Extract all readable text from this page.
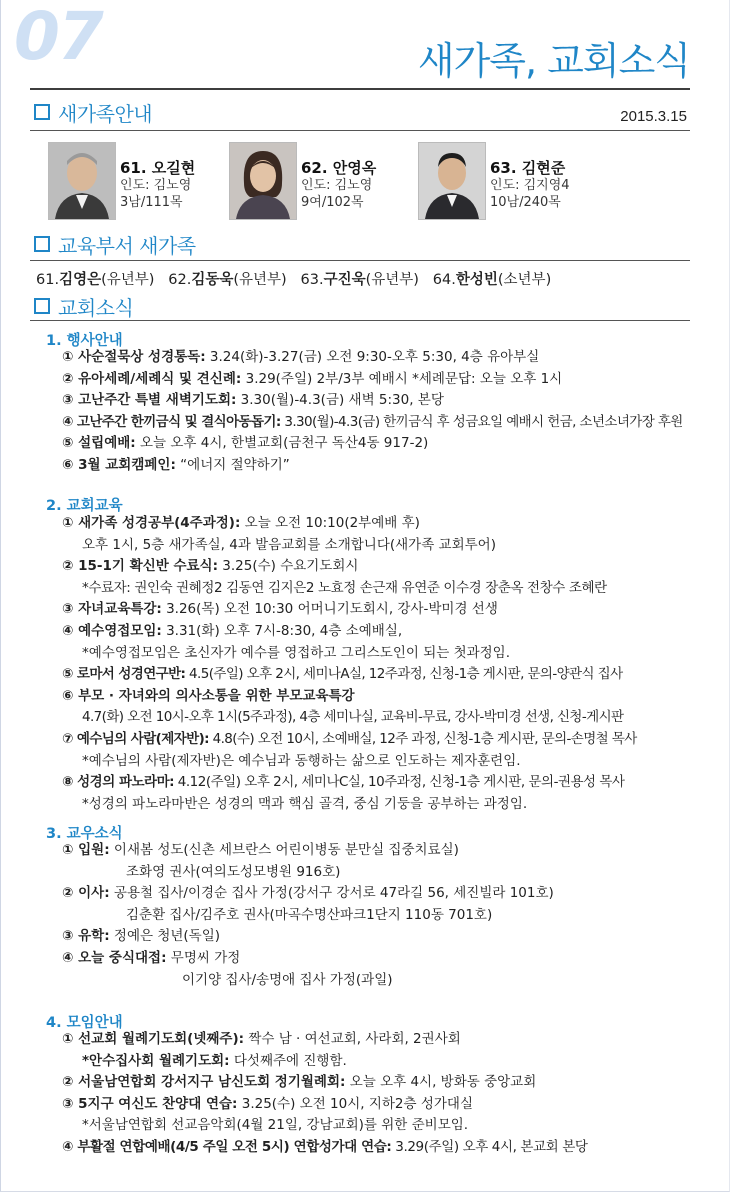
07	새가족, 교회소식
새가족안내	2015.3.15
61. 오길현
인도: 김노영
3남/111목
62. 안영옥
인도: 김노영
9여/102목
63. 김현준
인도: 김지영4
10남/240목
교육부서 새가족
61.김영은(유년부) 62.김동욱(유년부) 63.구진욱(유년부) 64.한성빈(소년부)
교회소식
1. 행사안내
① 사순절묵상 성경통독: 3.24(화)-3.27(금) 오전 9:30-오후 5:30, 4층 유아부실
② 유아세례/세례식 및 견신례: 3.29(주일) 2부/3부 예배시 *세례문답: 오늘 오후 1시
③ 고난주간 특별 새벽기도회: 3.30(월)-4.3(금) 새벽 5:30, 본당
④ 고난주간 한끼금식 및 결식아동돕기: 3.30(월)-4.3(금) 한끼금식 후 성금요일 예배시 헌금, 소년소녀가장 후원
⑤ 설립예배: 오늘 오후 4시, 한별교회(금천구 독산4동 917-2)
⑥ 3월 교회캠페인: “에너지 절약하기”
2. 교회교육
① 새가족 성경공부(4주과정): 오늘 오전 10:10(2부예배 후)
오후 1시, 5층 새가족실, 4과 발음교회를 소개합니다(새가족 교회투어)
② 15-1기 확신반 수료식: 3.25(수) 수요기도회시
*수료자: 권인숙 권혜정2 김동연 김지은2 노효정 손근재 유연준 이수경 장춘옥 전창수 조혜란
③ 자녀교육특강: 3.26(목) 오전 10:30 어머니기도회시, 강사-박미경 선생
④ 예수영접모임: 3.31(화) 오후 7시-8:30, 4층 소예배실,
*예수영접모임은 초신자가 예수를 영접하고 그리스도인이 되는 첫과정임.
⑤ 로마서 성경연구반: 4.5(주일) 오후 2시, 세미나A실, 12주과정, 신청-1층 게시판, 문의-양관식 집사
⑥ 부모 · 자녀와의 의사소통을 위한 부모교육특강
4.7(화) 오전 10시-오후 1시(5주과정), 4층 세미나실, 교육비-무료, 강사-박미경 선생, 신청-게시판
⑦ 예수님의 사람(제자반): 4.8(수) 오전 10시, 소예배실, 12주 과정, 신청-1층 게시판, 문의-손명철 목사
*예수님의 사람(제자반)은 예수님과 동행하는 삶으로 인도하는 제자훈련임.
⑧ 성경의 파노라마: 4.12(주일) 오후 2시, 세미나C실, 10주과정, 신청-1층 게시판, 문의-권용성 목사
*성경의 파노라마반은 성경의 맥과 핵심 골격, 중심 기둥을 공부하는 과정임.
3. 교우소식
① 입원: 이새봄 성도(신촌 세브란스 어린이병동 분만실 집중치료실)
조화영 권사(여의도성모병원 916호)
② 이사: 공용철 집사/이경순 집사 가정(강서구 강서로 47라길 56, 세진빌라 101호)
김춘환 집사/김주호 권사(마곡수명산파크1단지 110동 701호)
③ 유학: 정예은 청년(독일)
④ 오늘 중식대접: 무명씨 가정
이기양 집사/송명애 집사 가정(과일)
4. 모임안내
① 선교회 월례기도회(넷째주): 짝수 남 · 여선교회, 사라회, 2권사회
*안수집사회 월례기도회: 다섯째주에 진행함.
② 서울남연합회 강서지구 남신도회 정기월례회: 오늘 오후 4시, 방화동 중앙교회
③ 5지구 여신도 찬양대 연습: 3.25(수) 오전 10시, 지하2층 성가대실
*서울남연합회 선교음악회(4월 21일, 강남교회)를 위한 준비모임.
④ 부활절 연합예배(4/5 주일 오전 5시) 연합성가대 연습: 3.29(주일) 오후 4시, 본교회 본당
